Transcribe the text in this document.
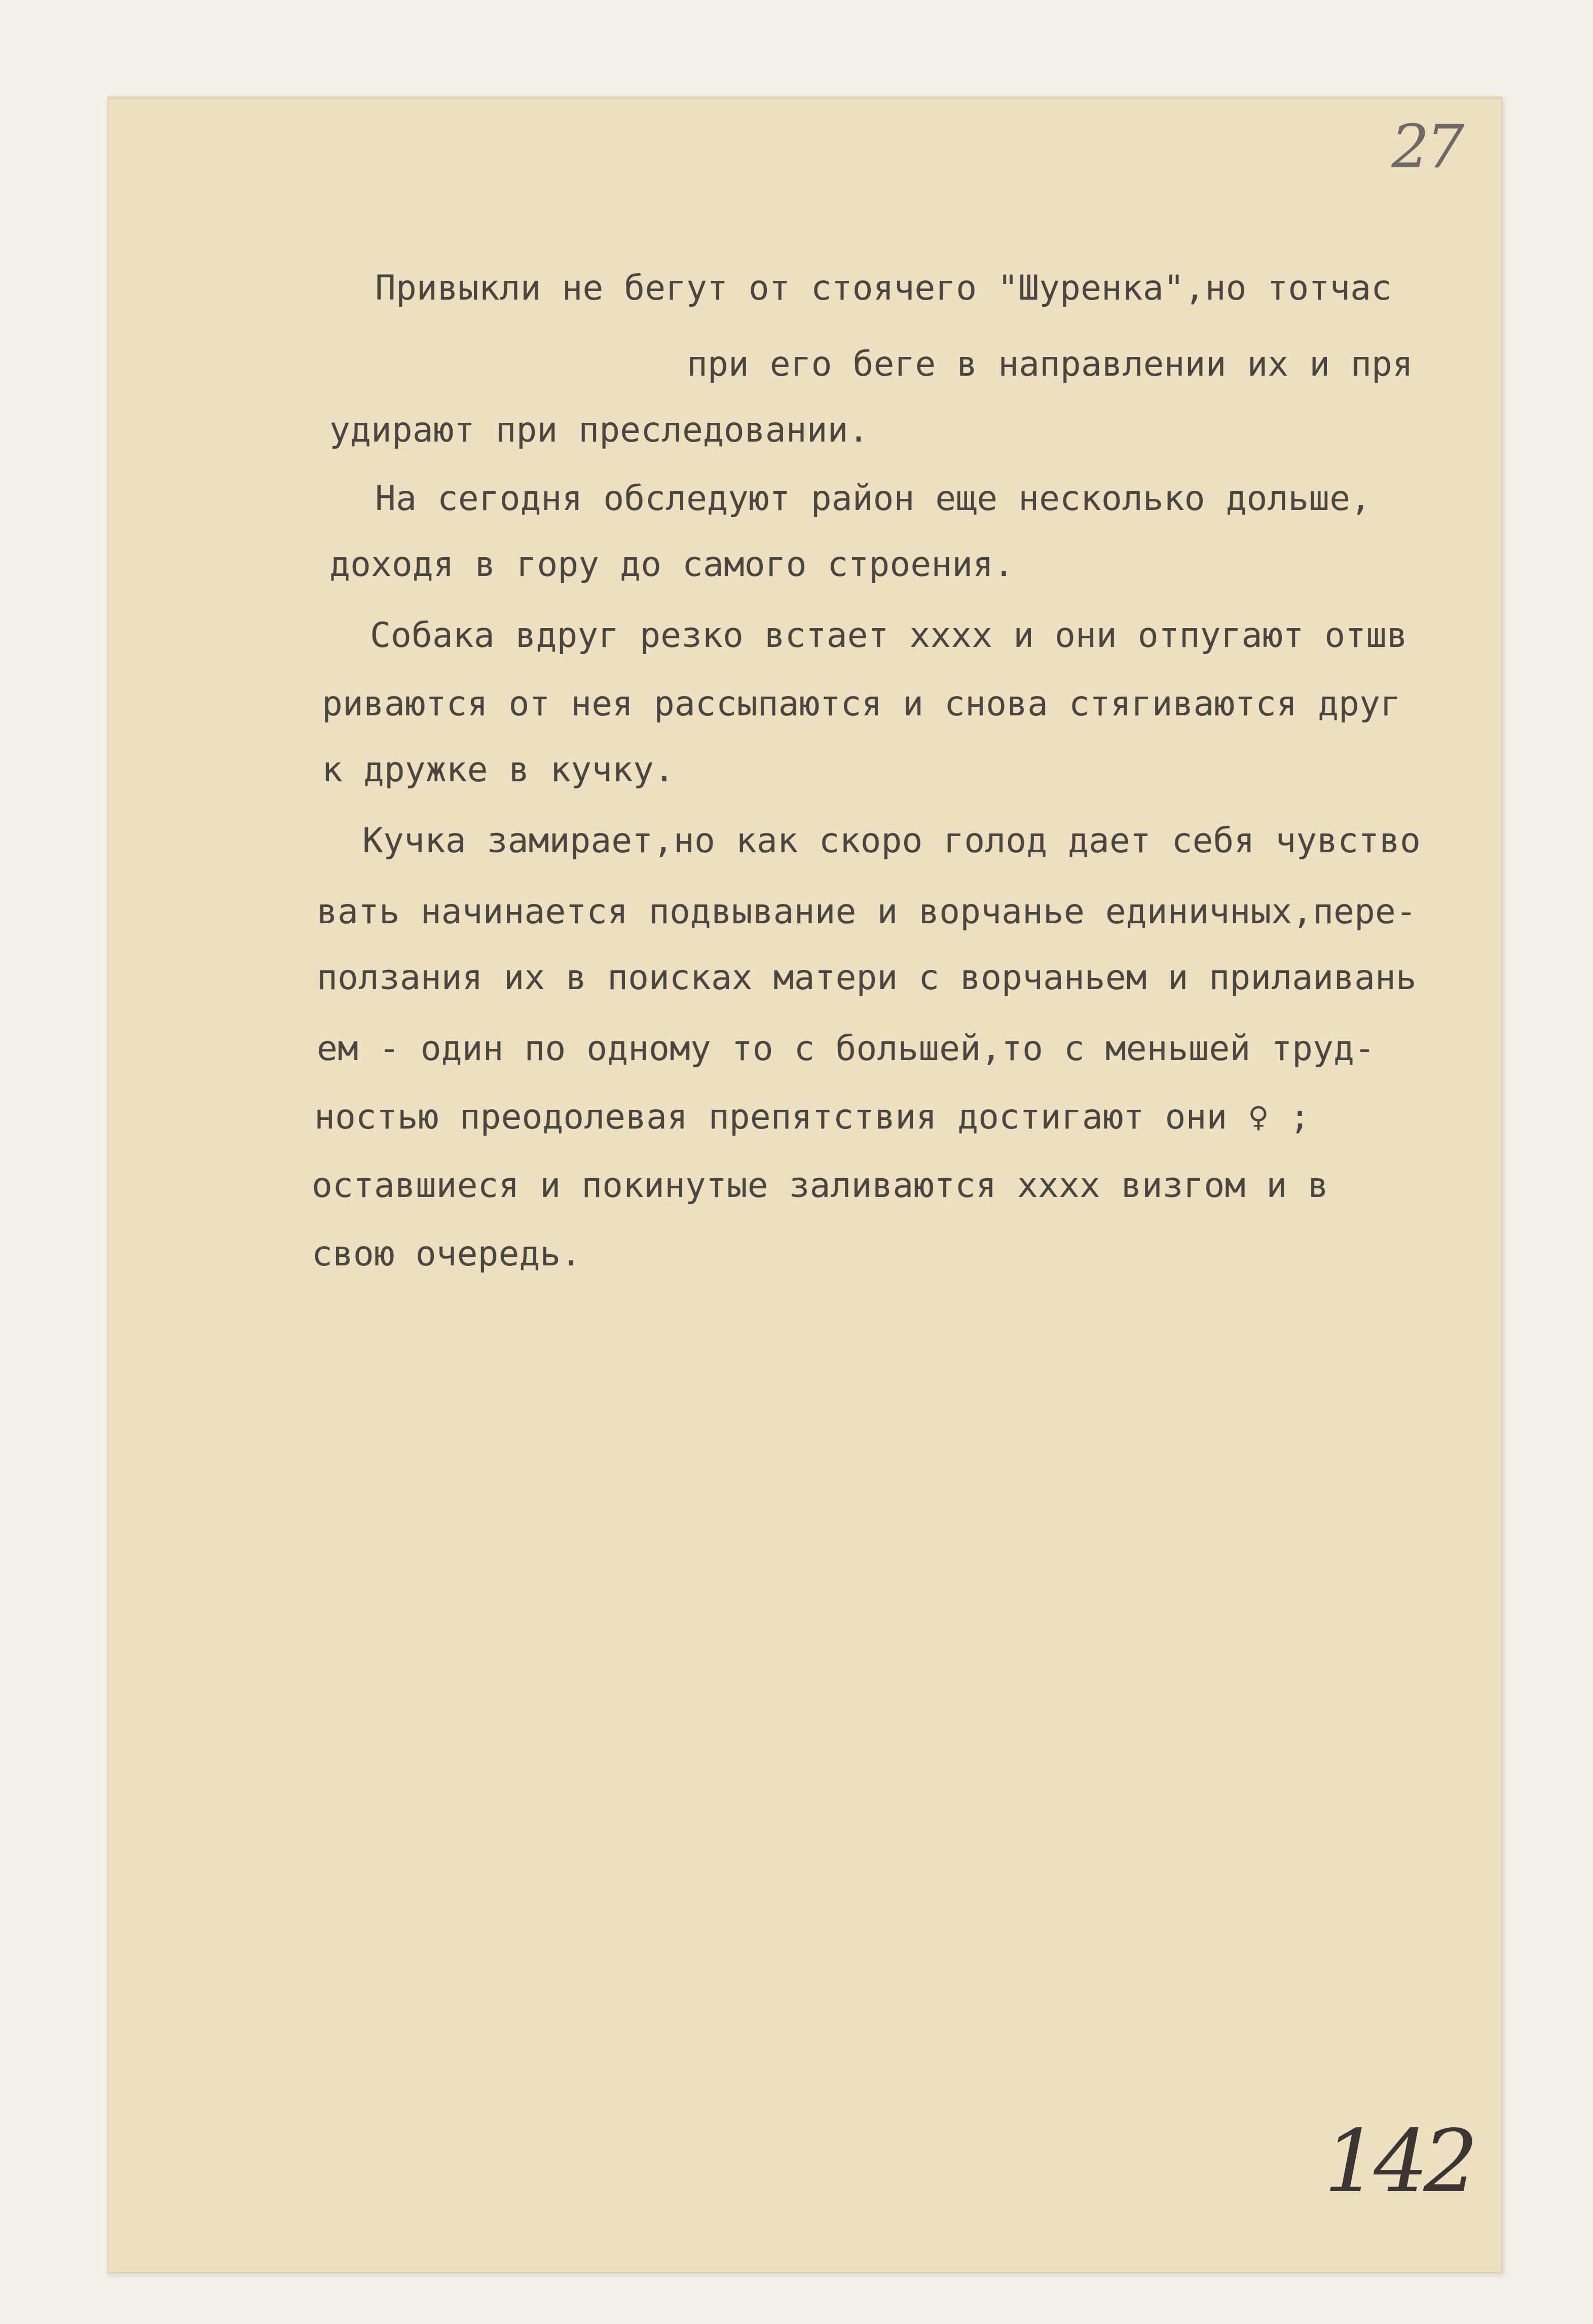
27
Привыкли не бегут от стоячего "Шуренка",но тотчас
при его беге в направлении их и пря
удирают при преследовании.
На сегодня обследуют район еще несколько дольше,
доходя в гору до самого строения.
Собака вдруг резко встает xxxx и они отпугают отшв
риваются от нея рассыпаются и снова стягиваются друг
к дружке в кучку.
Кучка замирает,но как скоро голод дает себя чувство
вать начинается подвывание и ворчанье единичных,пере-
ползания их в поисках матери с ворчаньем и прилаивань
ем - один по одному то с большей,то с меньшей труд-
ностью преодолевая препятствия достигают они ♀ ;
оставшиеся и покинутые заливаются xxxx визгом и в
свою очередь.
142
